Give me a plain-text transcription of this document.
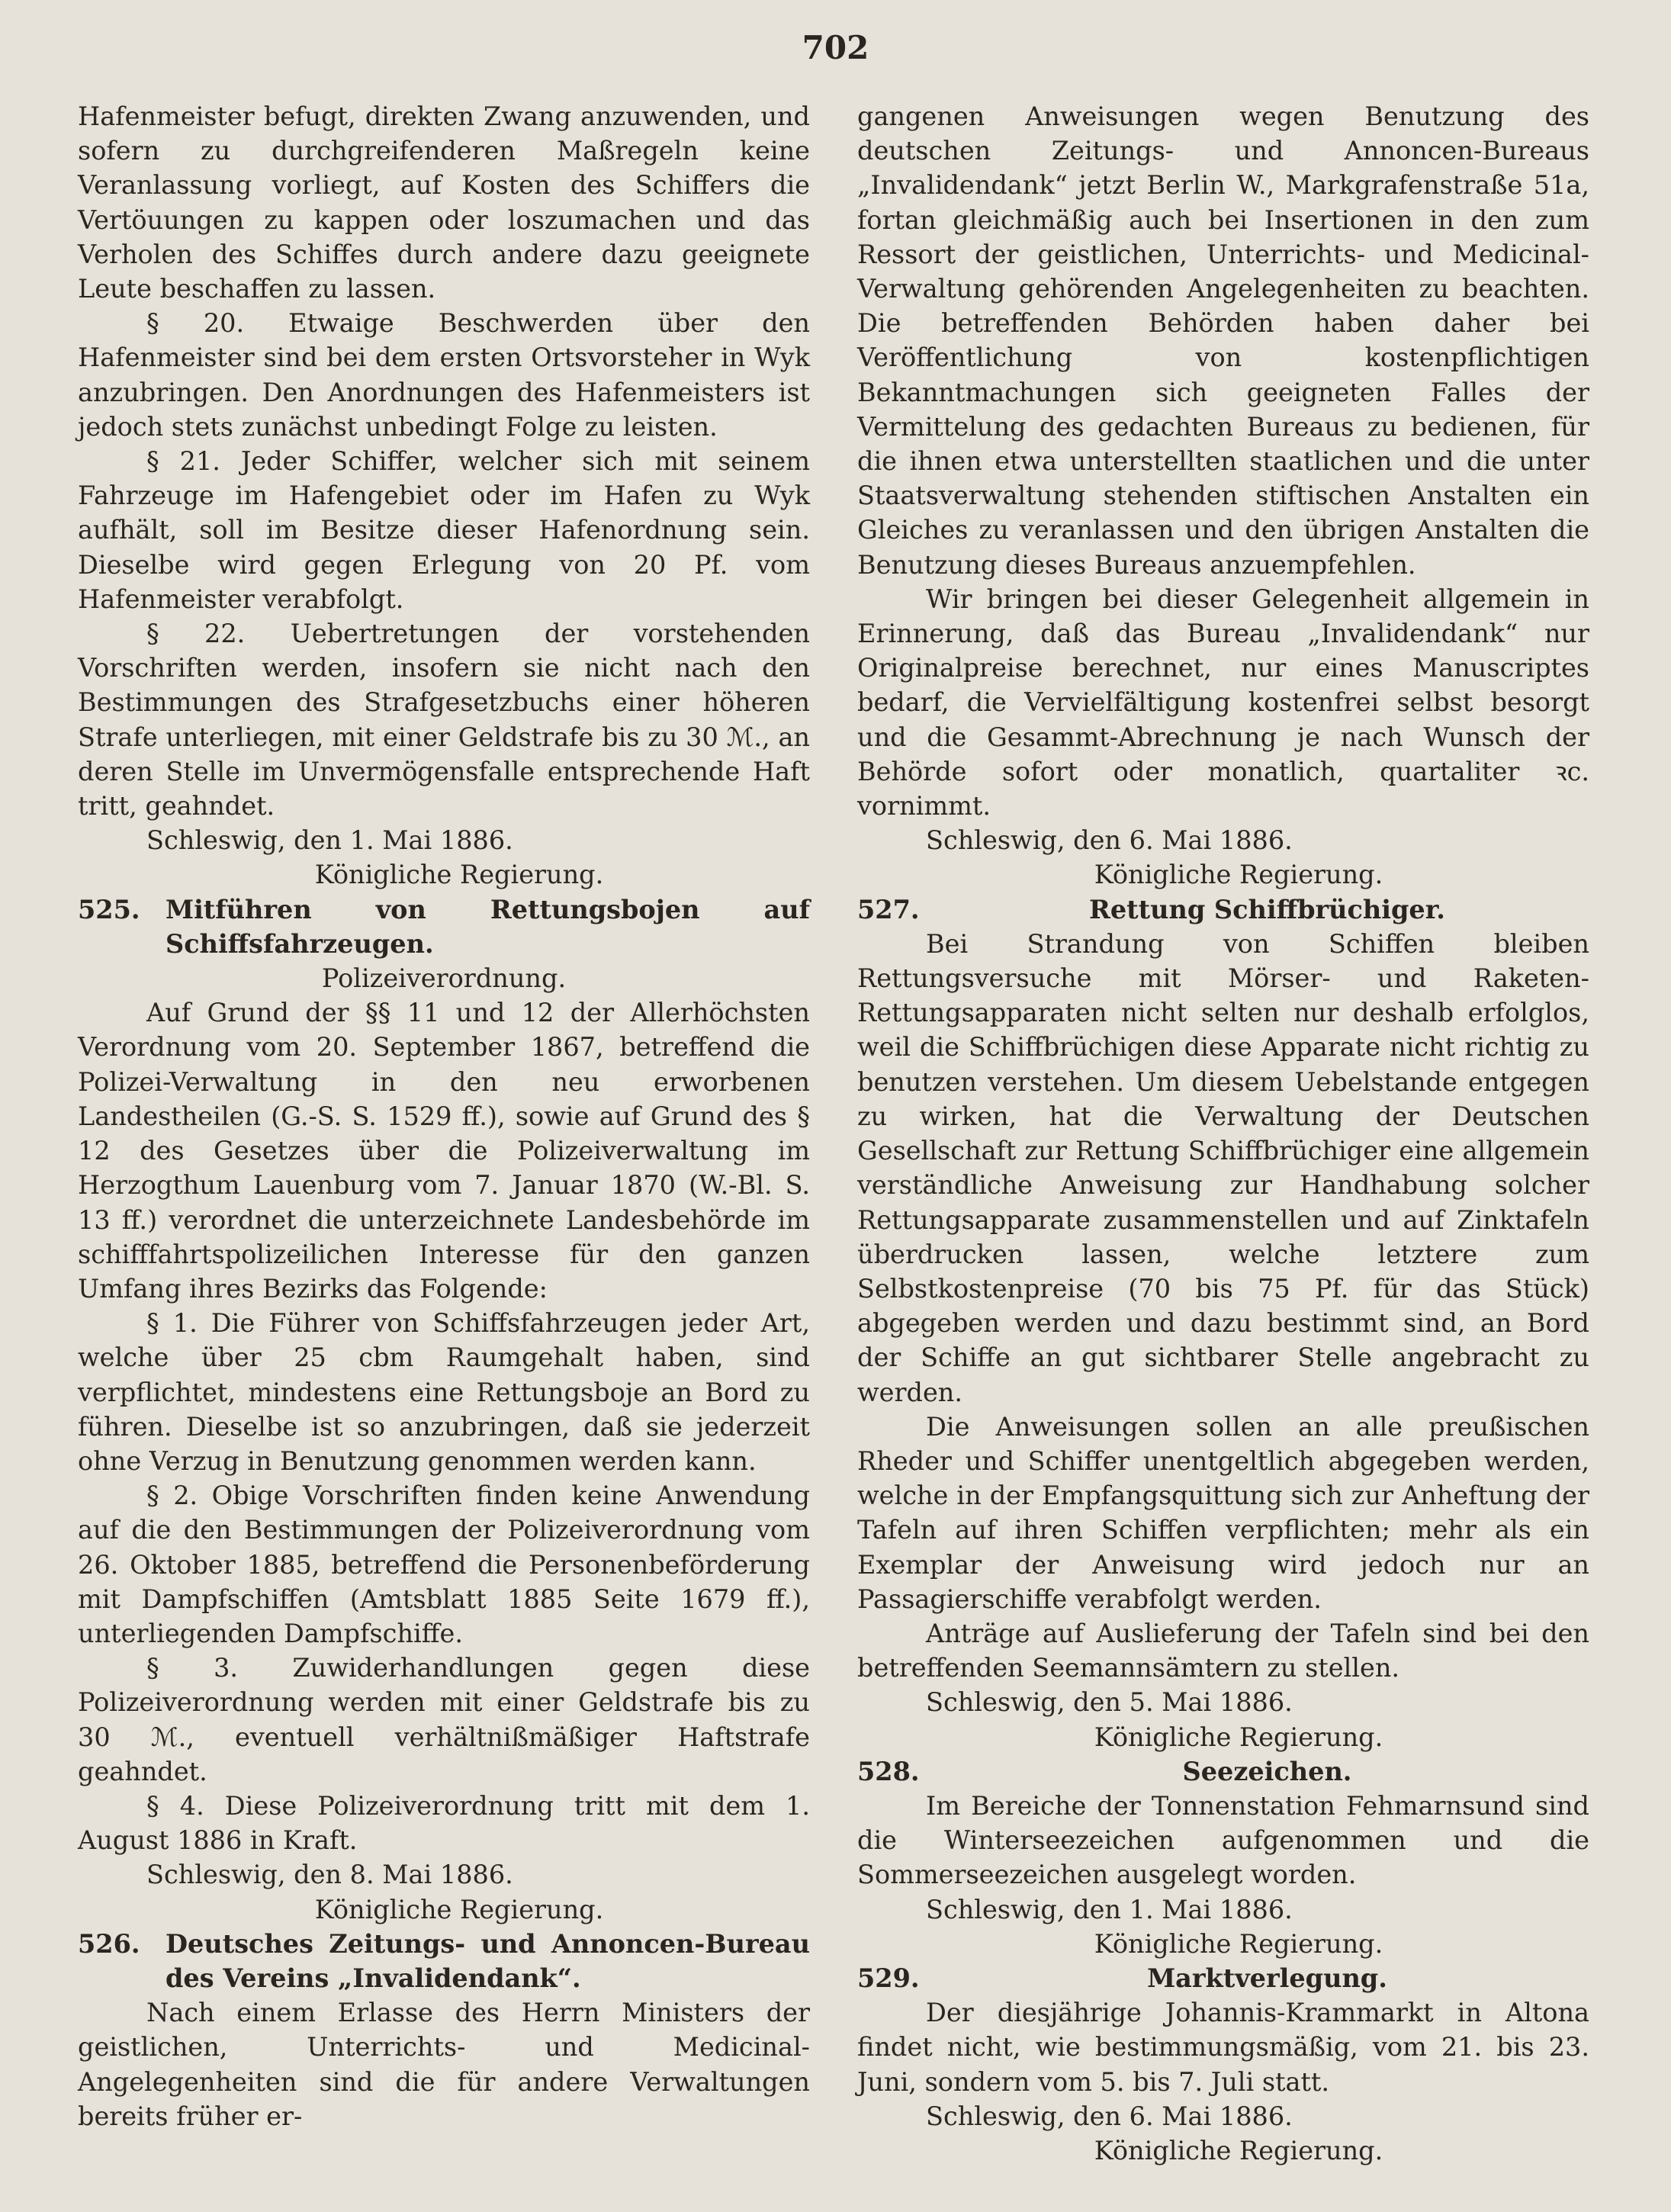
702

Hafenmeister befugt, direkten Zwang anzuwenden, und sofern zu durchgreifenderen Maßregeln keine Veranlassung vorliegt, auf Kosten des Schiffers die Vertöuungen zu kappen oder loszumachen und das Verholen des Schiffes durch andere dazu geeignete Leute beschaffen zu lassen.

§ 20. Etwaige Beschwerden über den Hafenmeister sind bei dem ersten Ortsvorsteher in Wyk anzubringen. Den Anordnungen des Hafenmeisters ist jedoch stets zunächst unbedingt Folge zu leisten.

§ 21. Jeder Schiffer, welcher sich mit seinem Fahrzeuge im Hafengebiet oder im Hafen zu Wyk aufhält, soll im Besitze dieser Hafenordnung sein. Dieselbe wird gegen Erlegung von 20 Pf. vom Hafenmeister verabfolgt.

§ 22. Uebertretungen der vorstehenden Vorschriften werden, insofern sie nicht nach den Bestimmungen des Strafgesetzbuchs einer höheren Strafe unterliegen, mit einer Geldstrafe bis zu 30 ℳ., an deren Stelle im Unvermögensfalle entsprechende Haft tritt, geahndet.

Schleswig, den 1. Mai 1886.

Königliche Regierung.

525. Mitführen von Rettungsbojen auf Schiffsfahrzeugen.

Polizeiverordnung.

Auf Grund der §§ 11 und 12 der Allerhöchsten Verordnung vom 20. September 1867, betreffend die Polizei-Verwaltung in den neu erworbenen Landestheilen (G.-S. S. 1529 ff.), sowie auf Grund des § 12 des Gesetzes über die Polizeiverwaltung im Herzogthum Lauenburg vom 7. Januar 1870 (W.-Bl. S. 13 ff.) verordnet die unterzeichnete Landesbehörde im schifffahrtspolizeilichen Interesse für den ganzen Umfang ihres Bezirks das Folgende:

§ 1. Die Führer von Schiffsfahrzeugen jeder Art, welche über 25 cbm Raumgehalt haben, sind verpflichtet, mindestens eine Rettungsboje an Bord zu führen. Dieselbe ist so anzubringen, daß sie jederzeit ohne Verzug in Benutzung genommen werden kann.

§ 2. Obige Vorschriften finden keine Anwendung auf die den Bestimmungen der Polizeiverordnung vom 26. Oktober 1885, betreffend die Personenbeförderung mit Dampfschiffen (Amtsblatt 1885 Seite 1679 ff.), unterliegenden Dampfschiffe.

§ 3. Zuwiderhandlungen gegen diese Polizeiverordnung werden mit einer Geldstrafe bis zu 30 ℳ., eventuell verhältnißmäßiger Haftstrafe geahndet.

§ 4. Diese Polizeiverordnung tritt mit dem 1. August 1886 in Kraft.

Schleswig, den 8. Mai 1886.

Königliche Regierung.

526. Deutsches Zeitungs- und Annoncen-Bureau des Vereins „Invalidendank“.

Nach einem Erlasse des Herrn Ministers der geistlichen, Unterrichts- und Medicinal-Angelegenheiten sind die für andere Verwaltungen bereits früher er-

gangenen Anweisungen wegen Benutzung des deutschen Zeitungs- und Annoncen-Bureaus „Invalidendank“ jetzt Berlin W., Markgrafenstraße 51a, fortan gleichmäßig auch bei Insertionen in den zum Ressort der geistlichen, Unterrichts- und Medicinal-Verwaltung gehörenden Angelegenheiten zu beachten. Die betreffenden Behörden haben daher bei Veröffentlichung von kostenpflichtigen Bekanntmachungen sich geeigneten Falles der Vermittelung des gedachten Bureaus zu bedienen, für die ihnen etwa unterstellten staatlichen und die unter Staatsverwaltung stehenden stiftischen Anstalten ein Gleiches zu veranlassen und den übrigen Anstalten die Benutzung dieses Bureaus anzuempfehlen.

Wir bringen bei dieser Gelegenheit allgemein in Erinnerung, daß das Bureau „Invalidendank“ nur Originalpreise berechnet, nur eines Manuscriptes bedarf, die Vervielfältigung kostenfrei selbst besorgt und die Gesammt-Abrechnung je nach Wunsch der Behörde sofort oder monatlich, quartaliter ꝛc. vornimmt.

Schleswig, den 6. Mai 1886.

Königliche Regierung.

527.	Rettung Schiffbrüchiger.

Bei Strandung von Schiffen bleiben Rettungsversuche mit Mörser- und Raketen-Rettungsapparaten nicht selten nur deshalb erfolglos, weil die Schiffbrüchigen diese Apparate nicht richtig zu benutzen verstehen. Um diesem Uebelstande entgegen zu wirken, hat die Verwaltung der Deutschen Gesellschaft zur Rettung Schiffbrüchiger eine allgemein verständliche Anweisung zur Handhabung solcher Rettungsapparate zusammenstellen und auf Zinktafeln überdrucken lassen, welche letztere zum Selbstkostenpreise (70 bis 75 Pf. für das Stück) abgegeben werden und dazu bestimmt sind, an Bord der Schiffe an gut sichtbarer Stelle angebracht zu werden.

Die Anweisungen sollen an alle preußischen Rheder und Schiffer unentgeltlich abgegeben werden, welche in der Empfangsquittung sich zur Anheftung der Tafeln auf ihren Schiffen verpflichten; mehr als ein Exemplar der Anweisung wird jedoch nur an Passagierschiffe verabfolgt werden.

Anträge auf Auslieferung der Tafeln sind bei den betreffenden Seemannsämtern zu stellen.

Schleswig, den 5. Mai 1886.

Königliche Regierung.

528.	Seezeichen.

Im Bereiche der Tonnenstation Fehmarnsund sind die Winterseezeichen aufgenommen und die Sommerseezeichen ausgelegt worden.

Schleswig, den 1. Mai 1886.

Königliche Regierung.

529.	Marktverlegung.

Der diesjährige Johannis-Krammarkt in Altona findet nicht, wie bestimmungsmäßig, vom 21. bis 23. Juni, sondern vom 5. bis 7. Juli statt.

Schleswig, den 6. Mai 1886.

Königliche Regierung.
